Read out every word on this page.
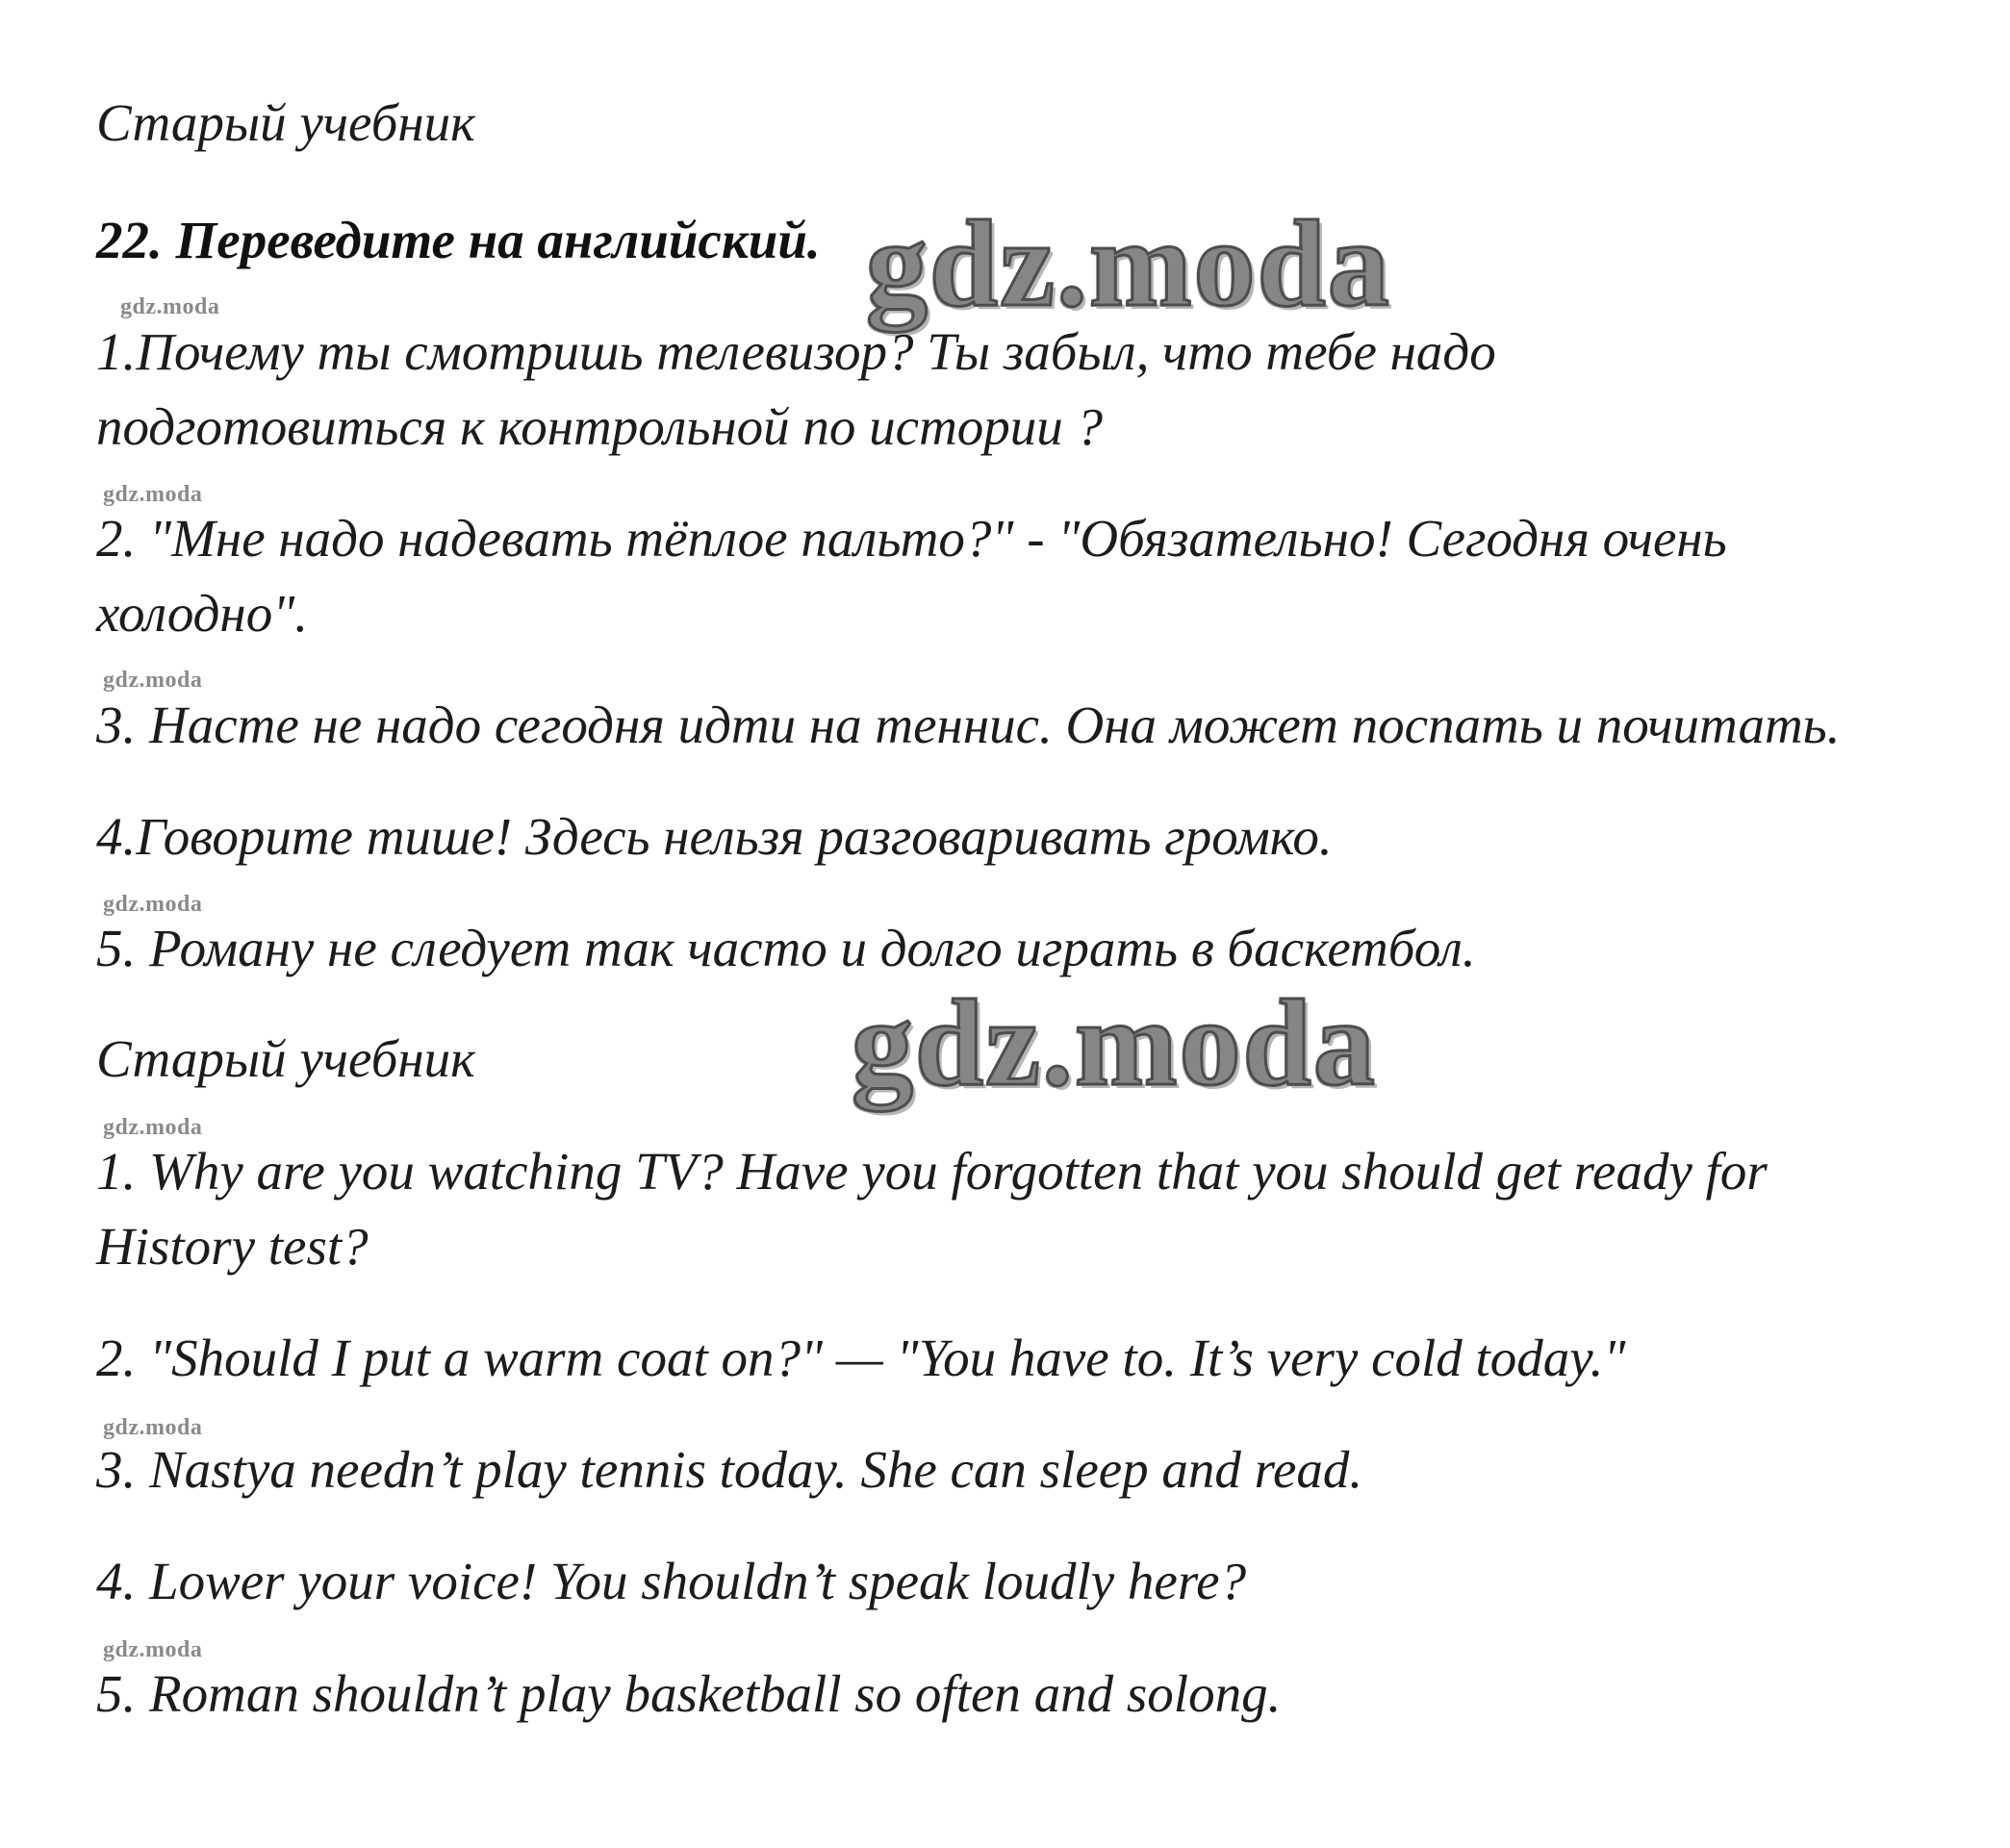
Старый учебник
22. Переведите на английский. gdz.moda
gdz.moda
1.Почему ты смотришь телевизор? Ты забыл, что тебе надо
подготовиться к контрольной по истории ?
gdz.moda
2. "Мне надо надевать тёплое пальто?" - "Обязательно! Сегодня очень
холодно".
gdz.moda
3. Насте не надо сегодня идти на теннис. Она может поспать и почитать.
4.Говорите тише! Здесь нельзя разговаривать громко.
gdz.moda
5. Роману не следует так часто и долго играть в баскетбол.
Старый учебник	gdz.moda
gdz.moda
1. Why are you watching TV? Have you forgotten that you should get ready for
History test?
2. "Should I put a warm coat on?" — "You have to. It’s very cold today."
gdz.moda
3. Nastya needn’t play tennis today. She can sleep and read.
4. Lower your voice! You shouldn’t speak loudly here?
gdz.moda
5. Roman shouldn’t play basketball so often and solong.
